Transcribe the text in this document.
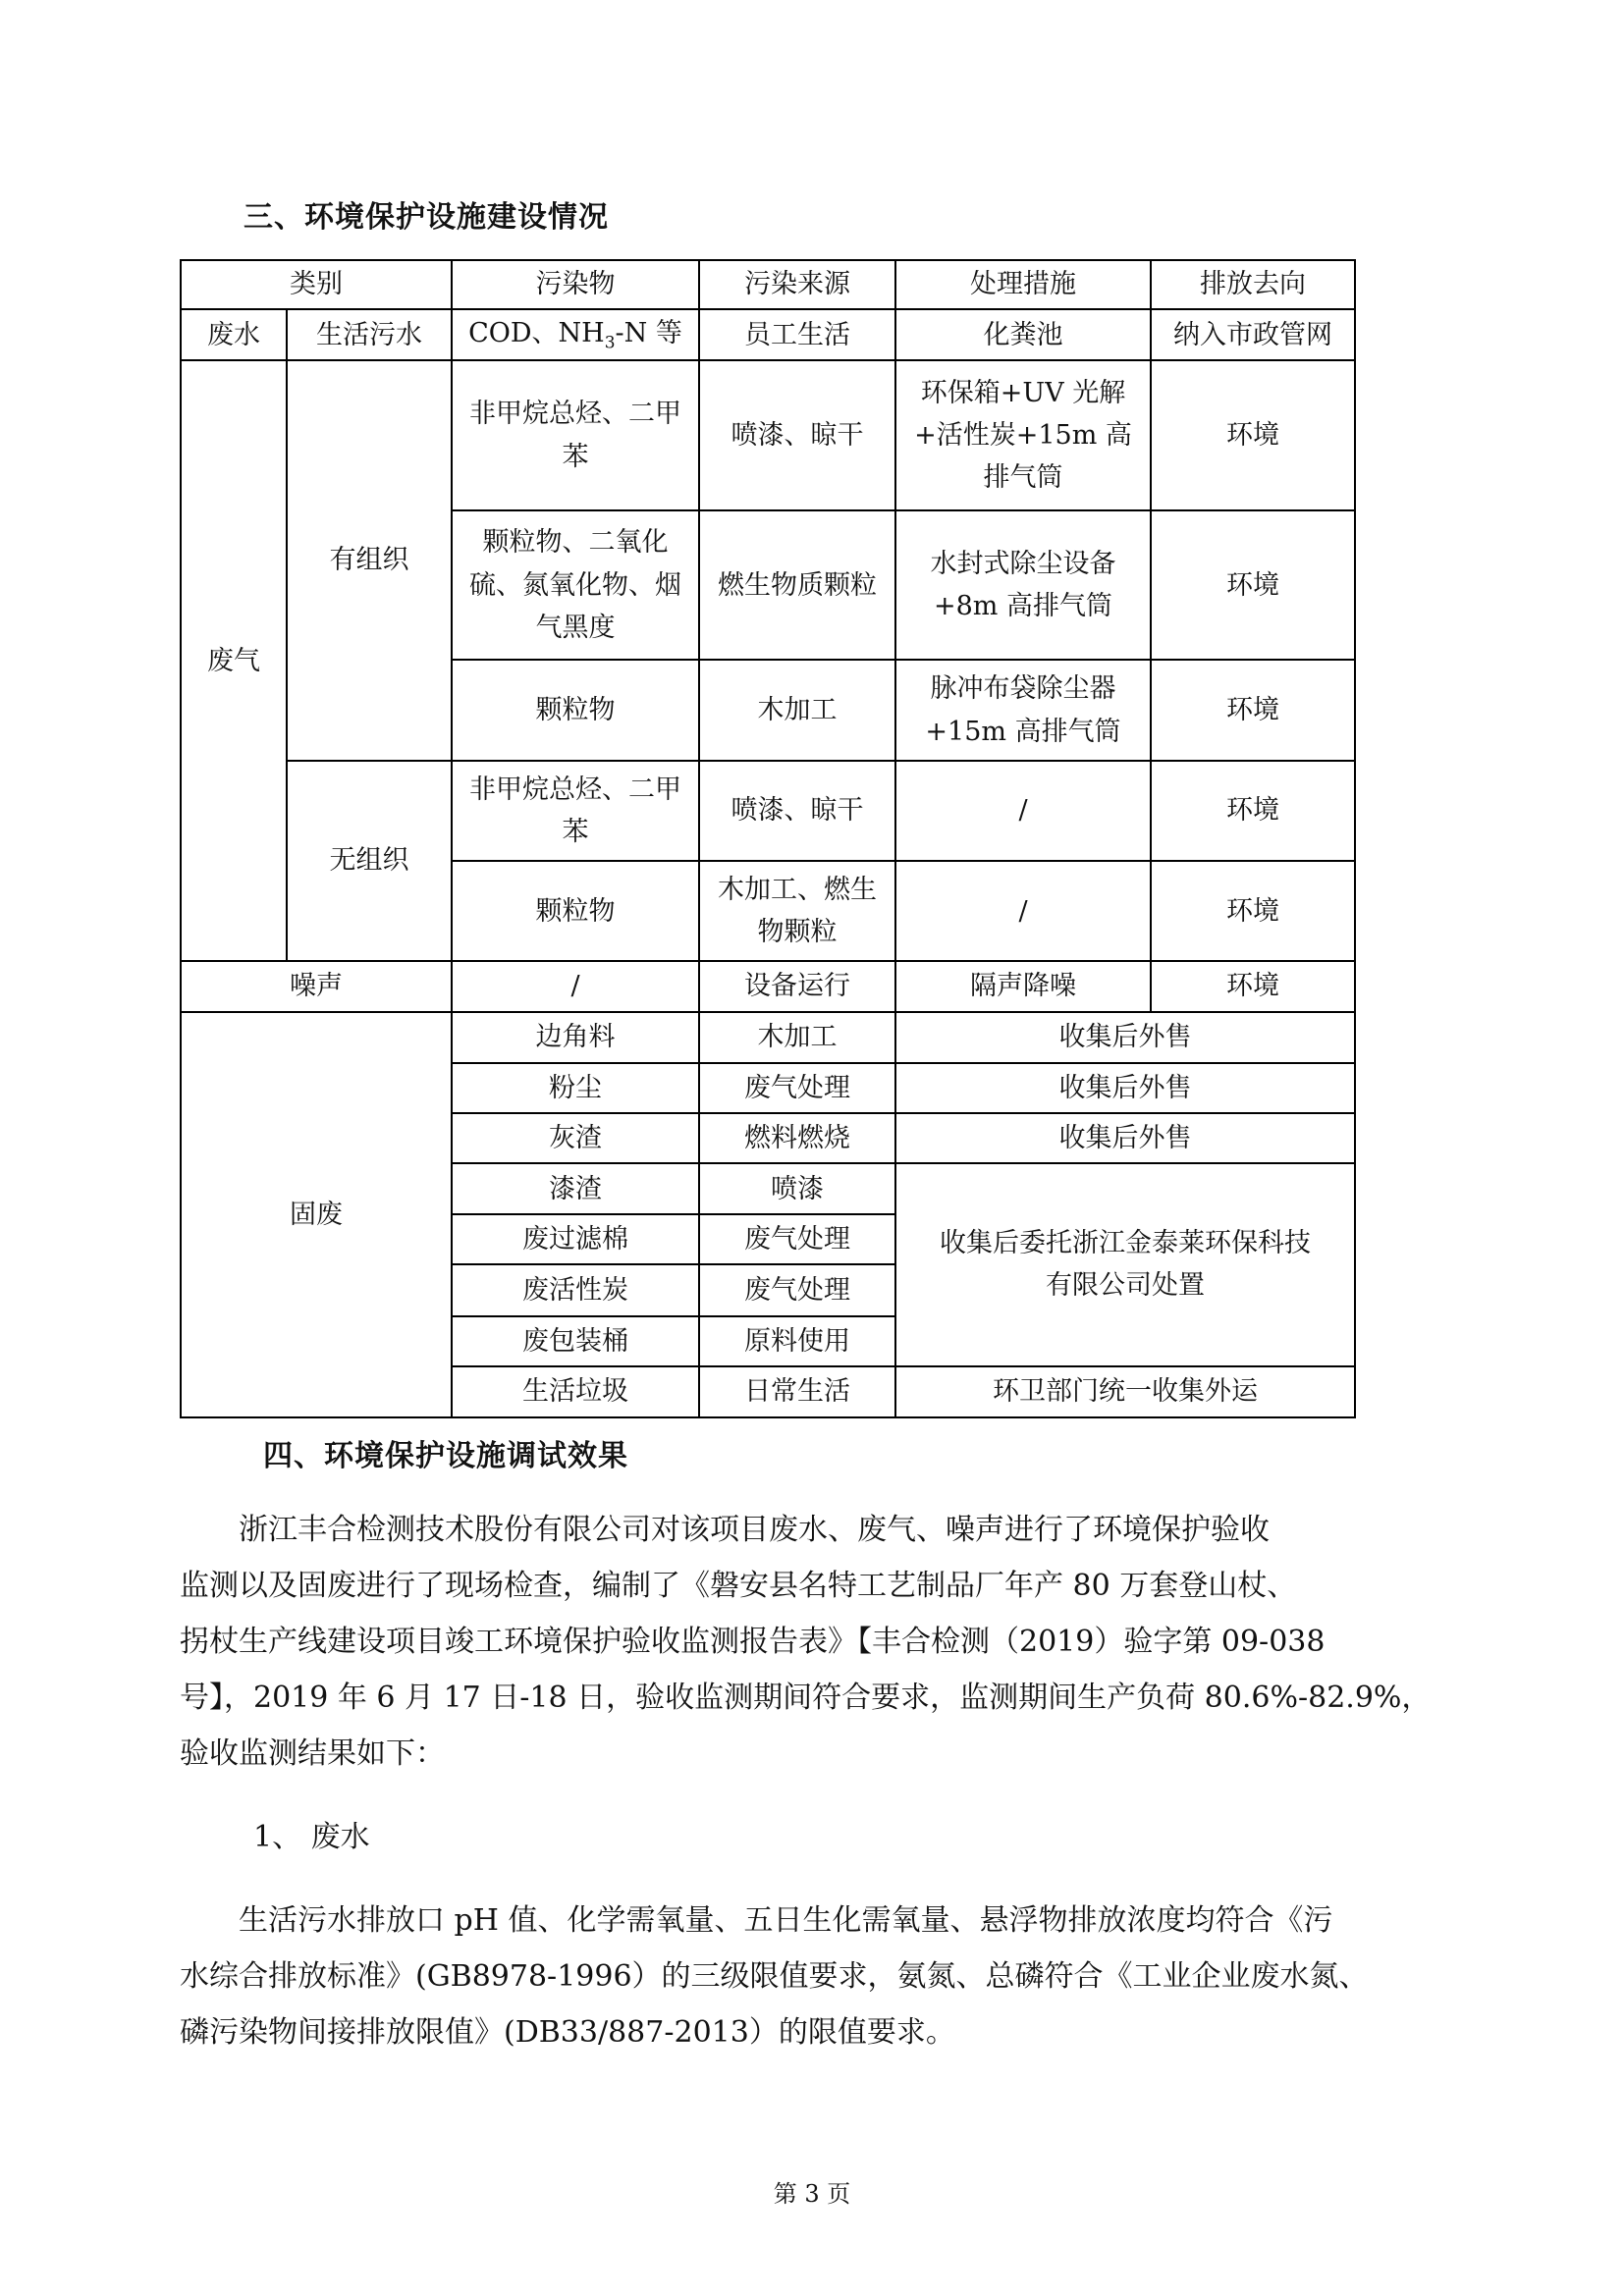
三、环境保护设施建设情况
类别		污染物	污染来源	处理措施	排放去向
废水	生活污水	COD、$NH_3-N$ 等	员工生活	化粪池	纳入市政管网
废气	有组织	非甲烷总烃、二甲苯	喷漆、晾干	环保箱+UV 光解+活性炭+15m 高排气筒	环境
		颗粒物、二氧化硫、氮氧化物、烟气黑度	燃生物质颗粒	水封式除尘设备+8m 高排气筒	环境
		颗粒物	木加工	脉冲布袋除尘器+15m 高排气筒	环境
	无组织	非甲烷总烃、二甲苯	喷漆、晾干	/	环境
		颗粒物	木加工、燃生物颗粒	/	环境
噪声		/	设备运行	隔声降噪	环境
固废		边角料	木加工	收集后外售	
		粉尘	废气处理	收集后外售	
		灰渣	燃料燃烧	收集后外售	
		漆渣	喷漆	收集后委托浙江金泰莱环保科技有限公司处置	
		废过滤棉	废气处理		
		废活性炭	废气处理		
		废包装桶	原料使用		
		生活垃圾	日常生活	环卫部门统一收集外运	
四、环境保护设施调试效果
　　浙江丰合检测技术股份有限公司对该项目废水、废气、噪声进行了环境保护验收
监测以及固废进行了现场检查，编制了《磐安县名特工艺制品厂年产 80 万套登山杖、
拐杖生产线建设项目竣工环境保护验收监测报告表》【丰合检测（2019）验字第 09-038
号】，2019 年 6 月 17 日-18 日，验收监测期间符合要求，监测期间生产负荷 80.6%-82.9%，
验收监测结果如下：
1、 废水
　　生活污水排放口 pH 值、化学需氧量、五日生化需氧量、悬浮物排放浓度均符合《污
水综合排放标准》(GB8978-1996）的三级限值要求，氨氮、总磷符合《工业企业废水氮、
磷污染物间接排放限值》(DB33/887-2013）的限值要求。
第 3 页
